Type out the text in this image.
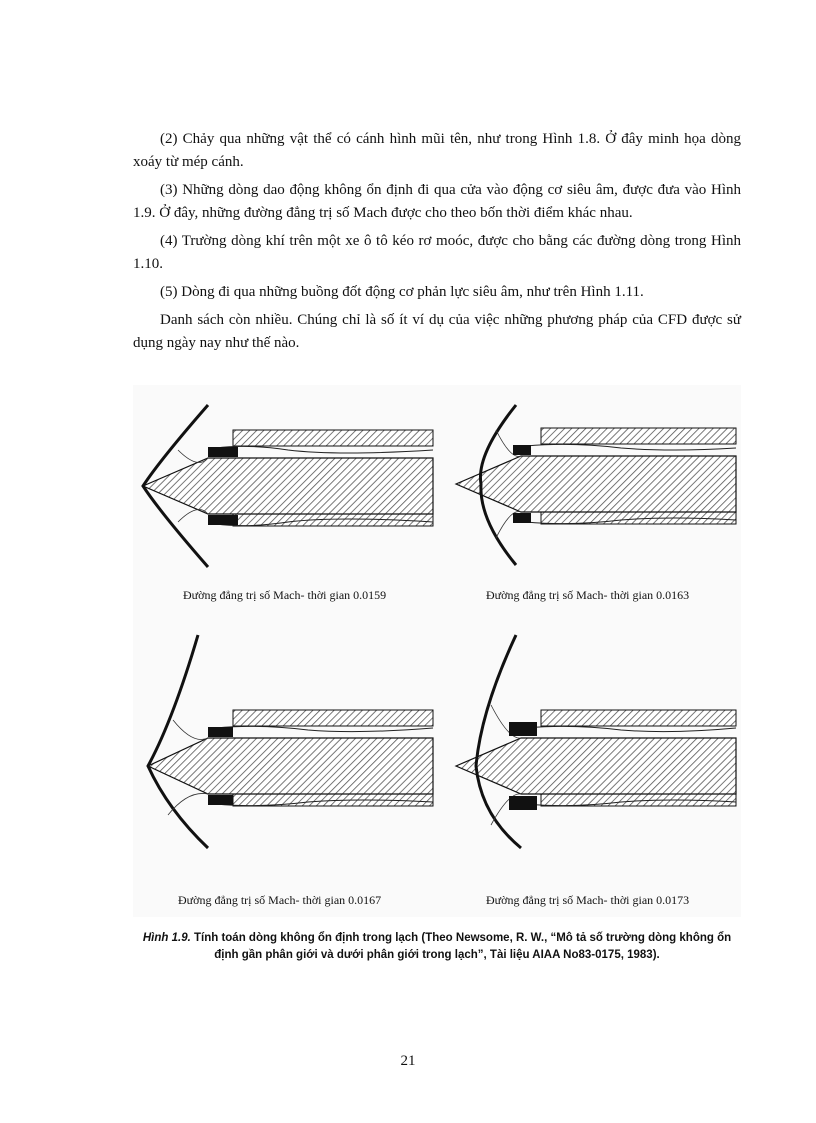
(2) Chảy qua những vật thể có cánh hình mũi tên, như trong Hình 1.8. Ở đây minh họa dòng xoáy từ mép cánh.

(3) Những dòng dao động không ổn định đi qua cửa vào động cơ siêu âm, được đưa vào Hình 1.9. Ở đây, những đường đẳng trị số Mach được cho theo bốn thời điểm khác nhau.

(4) Trường dòng khí trên một xe ô tô kéo rơ moóc, được cho bằng các đường dòng trong Hình 1.10.

(5) Dòng đi qua những buồng đốt động cơ phản lực siêu âm, như trên Hình 1.11.

Danh sách còn nhiều. Chúng chỉ là số ít ví dụ của việc những phương pháp của CFD được sử dụng ngày nay như thế nào.

Đường đẳng trị số Mach- thời gian 0.0159	Đường đẳng trị số Mach- thời gian 0.0163
Đường đẳng trị số Mach- thời gian 0.0167	Đường đẳng trị số Mach- thời gian 0.0173
Hình 1.9. Tính toán dòng không ổn định trong lạch (Theo Newsome, R. W., “Mô tả số trường dòng không ổn định gần phân giới và dưới phân giới trong lạch”, Tài liệu AIAA No83-0175, 1983).
21
